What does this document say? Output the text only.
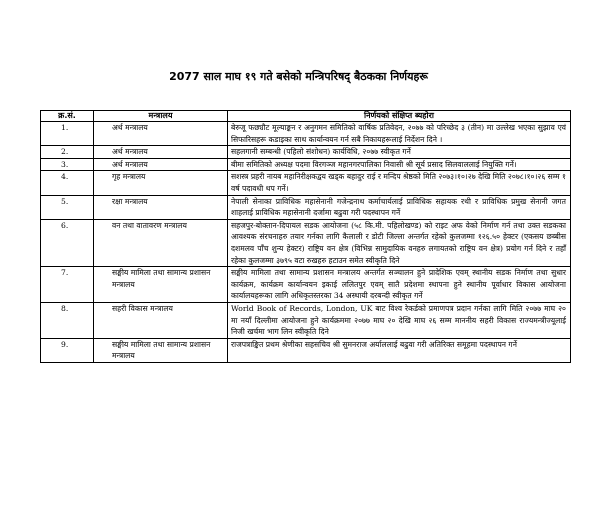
2077 साल माघ १९ गते बसेको मन्त्रिपरिषद् बैठकका निर्णयहरू
क्र.सं.	मन्त्रालय	निर्णयको संक्षिप्त ब्यहोरा
1.	अर्थ मन्त्रालय	बेरुजू फछ्यौट मूल्याङ्कन र अनुगमन समितिको वार्षिक प्रतिवेदन, २०७७ को परिच्छेद ३ (तीन) मा उल्लेख भएका सुझाव एवं सिफारिसहरू कडाइका साथ कार्यान्वयन गर्न सबै निकायहरूलाई निर्देशन दिने ।
2.	अर्थ मन्त्रालय	सहलगानी सम्बन्धी (पहिलो संशोधन) कार्यविधि, २०७७ स्वीकृत गर्ने
3.	अर्थ मन्त्रालय	बीमा समितिको अध्यक्ष पदमा विरगञ्ज महानगरपालिका निवासी श्री सूर्य प्रसाद सिलवाललाई नियुक्ति गर्ने।
4.	गृह मन्त्रालय	सशस्त्र प्रहरी नायब महानिरीक्षकद्वय खड्क बहादुर राई र मन्दिप श्रेष्ठको मिति २०७३।१०।२७ देखि मिति २०७८।१०।२६ सम्म १ वर्ष पदावधी थप गर्ने।
5.	रक्षा मन्त्रालय	नेपाली सेनाका प्राविधिक महासेनानी गजेन्द्रनाथ कर्माचार्यलाई प्राविधिक सहायक रथी र प्राविधिक प्रमुख सेनानी जगत शाहलाई प्राविधिक महासेनानी दर्जामा बढुवा गरी पदस्थापन गर्ने
6.	वन तथा वातावरण मन्त्रालय	सहजपुर-बोक्तान-दिपायल सडक आयोजना (५८ कि.मी. पहिलोखण्ड) को राइट अफ वेको निर्माण गर्न तथा उक्त सडकका आवश्यक संरचनाहरु तयार गर्नका लागि कैलाली र डोटी जिल्ला अन्तर्गत रहेको कुलजम्मा १२६.५० हेक्टर (एकसय छब्बीस दशमलव पाँच शुन्य हेक्टर) राष्ट्रिय वन क्षेत्र (विभिन्न सामुदायिक वनहरु लगायतको राष्ट्रिय वन क्षेत्र) प्रयोग गर्न दिने र तहाँ रहेका कुलजम्मा ३७९५ वटा रुखहरु हटाउन समेत स्वीकृति दिने
7.	सङ्घीय मामिला तथा सामान्य प्रशासन मन्त्रालय	सङ्घीय मामिला तथा सामान्य प्रशासन मन्त्रालय अन्तर्गत सञ्चालन हुने प्रादेशिक एवम् स्थानीय सडक निर्माण तथा सुधार कार्यक्रम, कार्यक्रम कार्यान्वयन इकाई ललितपुर एवम् सातै प्रदेशमा स्थापना हुने स्थानीय पूर्वाधार विकास आयोजना कार्यालयहरूका लागि अधिकृतस्तरका 34 अस्थायी दरबन्दी स्वीकृत गर्ने
8.	सहरी विकास मन्त्रालय	World Book of Records, London, UK बाट विश्व रेकर्डको प्रमाणपत्र प्रदान गर्नका लागि मिति २०७७ माघ २० मा नयाँ दिल्लीमा आयोजना हुने कार्यक्रममा २०७७ माघ २० देखि माघ २६ सम्म माननीय सहरी विकास राज्यमन्त्रीज्यूलाई निजी खर्चमा भाग लिन स्वीकृति दिने
9.	सङ्घीय मामिला तथा सामान्य प्रशासन मन्त्रालय	राजपत्राङ्कित प्रथम श्रेणीका सहसचिव श्री सुमनराज अर्याललाई बढुवा गरी अतिरिक्त समूहमा पदस्थापन गर्ने
